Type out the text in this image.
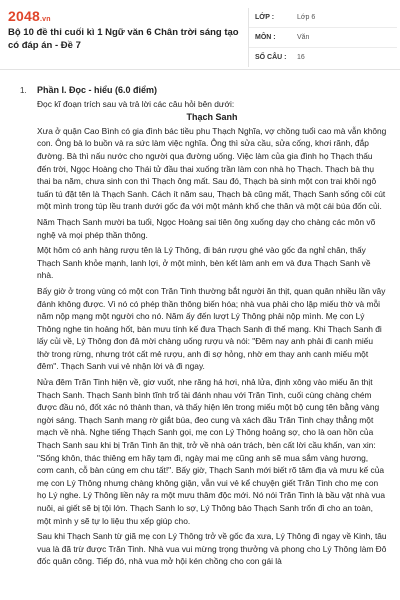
2048.vn
Bộ 10 đề thi cuối kì 1 Ngữ văn 6 Chân trời sáng tạo có đáp án - Đề 7
LỚP :	Lớp 6
MÔN :	Văn
SỐ CÂU :	16
1. Phần I. Đọc - hiểu (6.0 điểm)
Đọc kĩ đoạn trích sau và trả lời các câu hỏi bên dưới:
Thạch Sanh

Xưa ở quận Cao Bình có gia đình bác tiều phu Thạch Nghĩa, vợ chồng tuổi cao mà vẫn không con. Ông bà lo buồn và ra sức làm việc nghĩa. Ông thì sửa cầu, sửa cống, khơi rãnh, đắp đường. Bà thì nấu nước cho người qua đường uống. Việc làm của gia đình họ Thạch thấu đến trời, Ngọc Hoàng cho Thái tử đầu thai xuống trần làm con nhà họ Thạch. Thạch bà thụ thai ba năm, chưa sinh con thì Thạch ông mất. Sau đó, Thạch bà sinh một con trai khôi ngô tuấn tú đặt tên là Thạch Sanh. Cách ít năm sau, Thạch bà cũng mất, Thạch Sanh sống côi cút một mình trong túp lều tranh dưới gốc đa với một mảnh khố che thân và một cái búa đốn củi.

Năm Thạch Sanh mười ba tuổi, Ngọc Hoàng sai tiên ông xuống dạy cho chàng các môn võ nghệ và mọi phép thần thông.

Một hôm có anh hàng rượu tên là Lý Thông, đi bán rượu ghé vào gốc đa nghỉ chân, thấy Thạch Sanh khỏe mạnh, lanh lợi, ở một mình, bèn kết làm anh em và đưa Thạch Sanh về nhà.

Bấy giờ ở trong vùng có một con Trăn Tinh thường bắt người ăn thịt, quan quân nhiều lần vây đánh không được. Vì nó có phép thần thông biến hóa; nhà vua phải cho lập miếu thờ và mỗi năm nộp mạng một người cho nó. Năm ấy đến lượt Lý Thông phải nộp mình. Mẹ con Lý Thông nghe tin hoảng hốt, bàn mưu tính kế đưa Thạch Sanh đi thế mạng. Khi Thạch Sanh đi lấy củi về, Lý Thông đon đả mời chàng uống rượu và nói: "Đêm nay anh phải đi canh miếu thờ trong rừng, nhưng trót cất mẻ rượu, anh đi sợ hỏng, nhờ em thay anh canh miếu một đêm". Thạch Sanh vui vẻ nhận lời và đi ngay.

Nửa đêm Trăn Tinh hiện về, giơ vuốt, nhe răng há hơi, nhả lửa, định xông vào miếu ăn thịt Thạch Sanh. Thạch Sanh bình tĩnh trổ tài đánh nhau với Trăn Tinh, cuối cùng chàng chém được đầu nó, đốt xác nó thành than, và thấy hiện lên trong miếu một bộ cung tên bằng vàng ngời sáng. Thạch Sanh mang rờ giắt búa, đeo cung và xách đầu Trăn Tinh chạy thẳng một mạch về nhà. Nghe tiếng Thạch Sanh gọi, mẹ con Lý Thông hoảng sợ, cho là oan hồn của Thạch Sanh sau khi bị Trăn Tinh ăn thịt, trở về nhà oán trách, bèn cất lời cầu khấn, van xin: "Sống khôn, thác thiêng em hãy tạm đi, ngày mai mẹ cũng anh sẽ mua sắm vàng hương, cơm canh, cỗ bàn cúng em chu tất!". Bấy giờ, Thạch Sanh mới biết rõ tâm địa và mưu kế của mẹ con Lý Thông nhưng chàng không giận, vẫn vui vẻ kể chuyện giết Trăn Tinh cho mẹ con họ Lý nghe. Lý Thông liền nảy ra một mưu thâm độc mới. Nó nói Trăn Tinh là bầu vật nhà vua nuôi, ai giết sẽ bị tội lớn. Thạch Sanh lo sợ, Lý Thông bảo Thạch Sanh trốn đi cho an toàn, một mình y sẽ tự lo liệu thu xếp giúp cho.

Sau khi Thạch Sanh từ giã mẹ con Lý Thông trở về gốc đa xưa, Lý Thông đi ngay về Kinh, tâu vua là đã trừ được Trăn Tinh. Nhà vua vui mừng trọng thưởng và phong cho Lý Thông làm Đô đốc quân công. Tiếp đó, nhà vua mở hội kén chồng cho con gái là
